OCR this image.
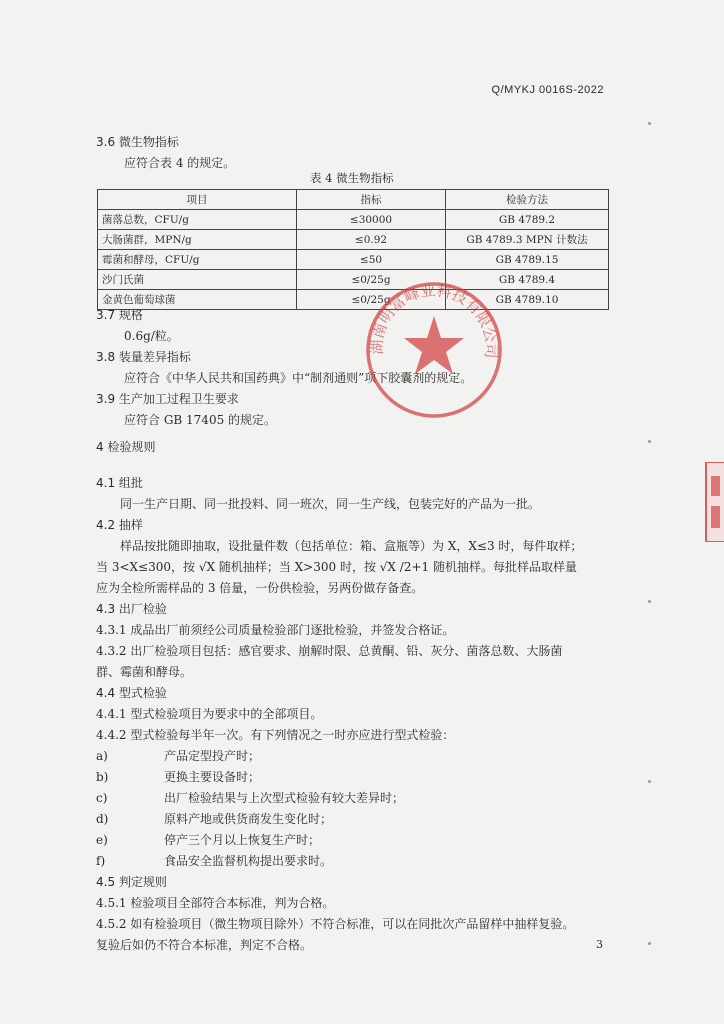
Q/MYKJ 0016S-2022
3.6 微生物指标
应符合表 4 的规定。
表 4 微生物指标
项目	指标	检验方法
菌落总数，CFU/g	≤30000	GB 4789.2
大肠菌群，MPN/g	≤0.92	GB 4789.3 MPN 计数法
霉菌和酵母，CFU/g	≤50	GB 4789.15
沙门氏菌	≤0/25g	GB 4789.4
金黄色葡萄球菌	≤0/25g	GB 4789.10
3.7 规格
0.6g/粒。
3.8 装量差异指标
应符合《中华人民共和国药典》中“制剂通则”项下胶囊剂的规定。
3.9 生产加工过程卫生要求
应符合 GB 17405 的规定。
4 检验规则
4.1 组批
同一生产日期、同一批投料、同一班次，同一生产线，包装完好的产品为一批。
4.2 抽样
样品按批随即抽取，设批量件数（包括单位：箱、盒瓶等）为 X，X≤3 时，每件取样；
当 3<X≤300，按 √X 随机抽样；当 X>300 时，按 √X /2+1 随机抽样。每批样品取样量
应为全检所需样品的 3 倍量，一份供检验，另两份做存备查。
4.3 出厂检验
4.3.1 成品出厂前须经公司质量检验部门逐批检验，并签发合格证。
4.3.2 出厂检验项目包括：感官要求、崩解时限、总黄酮、铅、灰分、菌落总数、大肠菌
群、霉菌和酵母。
4.4 型式检验
4.4.1 型式检验项目为要求中的全部项目。
4.4.2 型式检验每半年一次。有下列情况之一时亦应进行型式检验：
a)	产品定型投产时；
b)	更换主要设备时；
c)	出厂检验结果与上次型式检验有较大差异时；
d)	原料产地或供货商发生变化时；
e)	停产三个月以上恢复生产时；
f)	食品安全监督机构提出要求时。
4.5 判定规则
4.5.1 检验项目全部符合本标准，判为合格。
4.5.2 如有检验项目（微生物项目除外）不符合标准，可以在同批次产品留样中抽样复验。
复验后如仍不符合本标准，判定不合格。
湖南明富峰业科技有限公司
3
